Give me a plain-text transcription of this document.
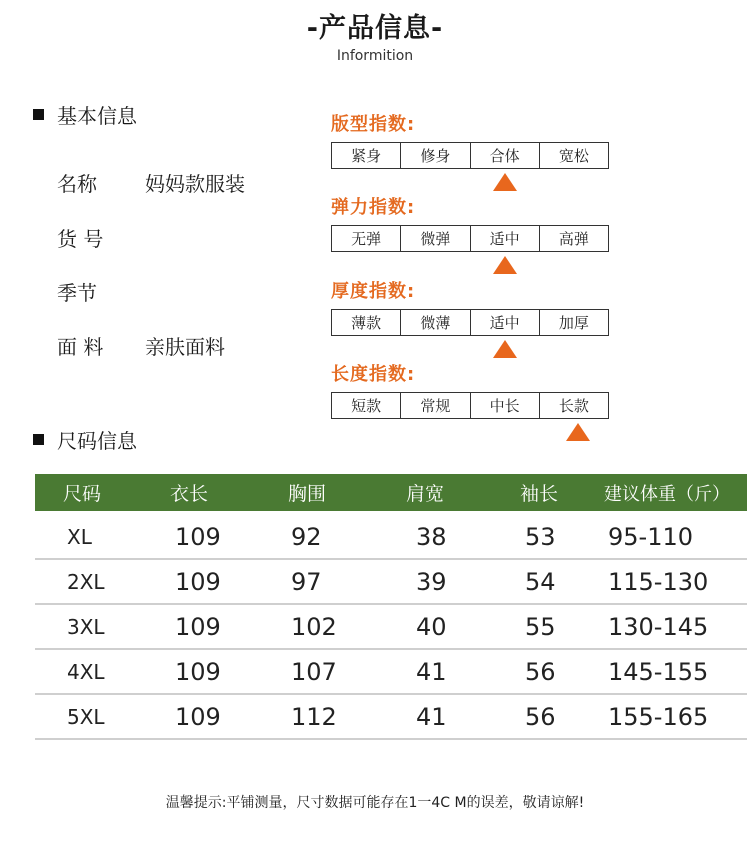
-产品信息-
Informition
基本信息
名称 妈妈款服装
货 号
季节
面 料 亲肤面料
版型指数:
紧身	修身	合体	宽松
弹力指数:
无弹	微弹	适中	高弹
厚度指数:
薄款	微薄	适中	加厚
长度指数:
短款	常规	中长	长款
尺码信息
尺码	衣长	胸围	肩宽	袖长	建议体重（斤）
XL	109	92	38	53	95-110
2XL	109	97	39	54	115-130
3XL	109	102	40	55	130-145
4XL	109	107	41	56	145-155
5XL	109	112	41	56	155-165
温馨提示:平铺测量，尺寸数据可能存在1一4C M的误差，敬请谅解!
